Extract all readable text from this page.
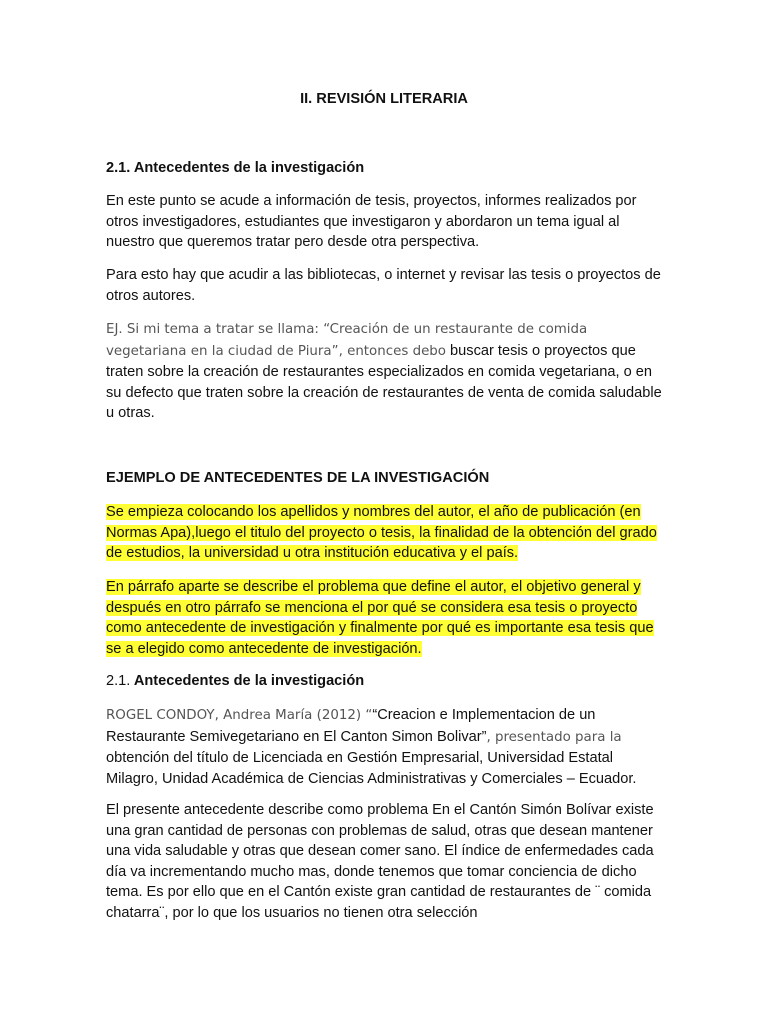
II. REVISIÓN LITERARIA
2.1. Antecedentes de la investigación
En este punto se acude a información de tesis, proyectos, informes realizados por otros investigadores, estudiantes que investigaron y abordaron un tema igual al nuestro que queremos tratar pero desde otra perspectiva.
Para esto hay que acudir a las bibliotecas, o internet y revisar las tesis o proyectos de otros autores.
EJ. Si mi tema a tratar se llama: “Creación de un restaurante de comida vegetariana en la ciudad de Piura”, entonces debo buscar tesis o proyectos que traten sobre la creación de restaurantes especializados en comida vegetariana, o en su defecto que traten sobre la creación de restaurantes de venta de comida saludable u otras.
EJEMPLO DE ANTECEDENTES DE LA INVESTIGACIÓN
Se empieza colocando los apellidos y nombres del autor, el año de publicación (en Normas Apa),luego el titulo del proyecto o tesis, la finalidad de la obtención del grado de estudios, la universidad u otra institución educativa y el país.
En párrafo aparte se describe el problema que define el autor, el objetivo general y después en otro párrafo se menciona el por qué se considera esa tesis o proyecto como antecedente de investigación y finalmente por qué es importante esa tesis que se a elegido como antecedente de investigación.
2.1. Antecedentes de la investigación
ROGEL CONDOY, Andrea María (2012) ““Creacion e Implementacion de un Restaurante Semivegetariano en El Canton Simon Bolivar”, presentado para la obtención del título de Licenciada en Gestión Empresarial, Universidad Estatal Milagro, Unidad Académica de Ciencias Administrativas y Comerciales – Ecuador.
El presente antecedente describe como problema En el Cantón Simón Bolívar existe una gran cantidad de personas con problemas de salud, otras que desean mantener una vida saludable y otras que desean comer sano. El índice de enfermedades cada día va incrementando mucho mas, donde tenemos que tomar conciencia de dicho tema. Es por ello que en el Cantón existe gran cantidad de restaurantes de ¨ comida chatarra¨, por lo que los usuarios no tienen otra selección
